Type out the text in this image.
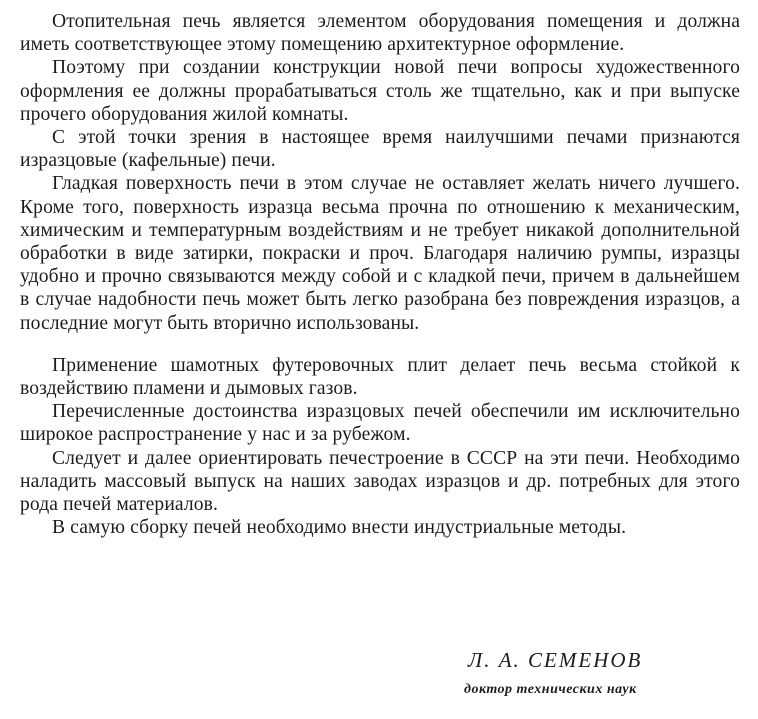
Отопительная печь является элементом оборудования помещения и должна иметь соответствующее этому помещению архитектурное оформление.

Поэтому при создании конструкции новой печи вопросы художественного оформления ее должны прорабатываться столь же тщательно, как и при выпуске прочего оборудования жилой комнаты.

С этой точки зрения в настоящее время наилучшими печами признаются изразцовые (кафельные) печи.

Гладкая поверхность печи в этом случае не оставляет желать ничего лучшего. Кроме того, поверхность изразца весьма прочна по отношению к механическим, химическим и температурным воздействиям и не требует никакой дополнительной обработки в виде затирки, покраски и проч. Благодаря наличию румпы, изразцы удобно и прочно связываются между собой и с кладкой печи, причем в дальнейшем в случае надобности печь может быть легко разобрана без повреждения изразцов, а последние могут быть вторично использованы.

Применение шамотных футеровочных плит делает печь весьма стойкой к воздействию пламени и дымовых газов.

Перечисленные достоинства изразцовых печей обеспечили им исключительно широкое распространение у нас и за рубежом.

Следует и далее ориентировать печестроение в СССР на эти печи. Необходимо наладить массовый выпуск на наших заводах изразцов и др. потребных для этого рода печей материалов.

В самую сборку печей необходимо внести индустриальные методы.

Л. А. СЕМЕНОВ
доктор технических наук
